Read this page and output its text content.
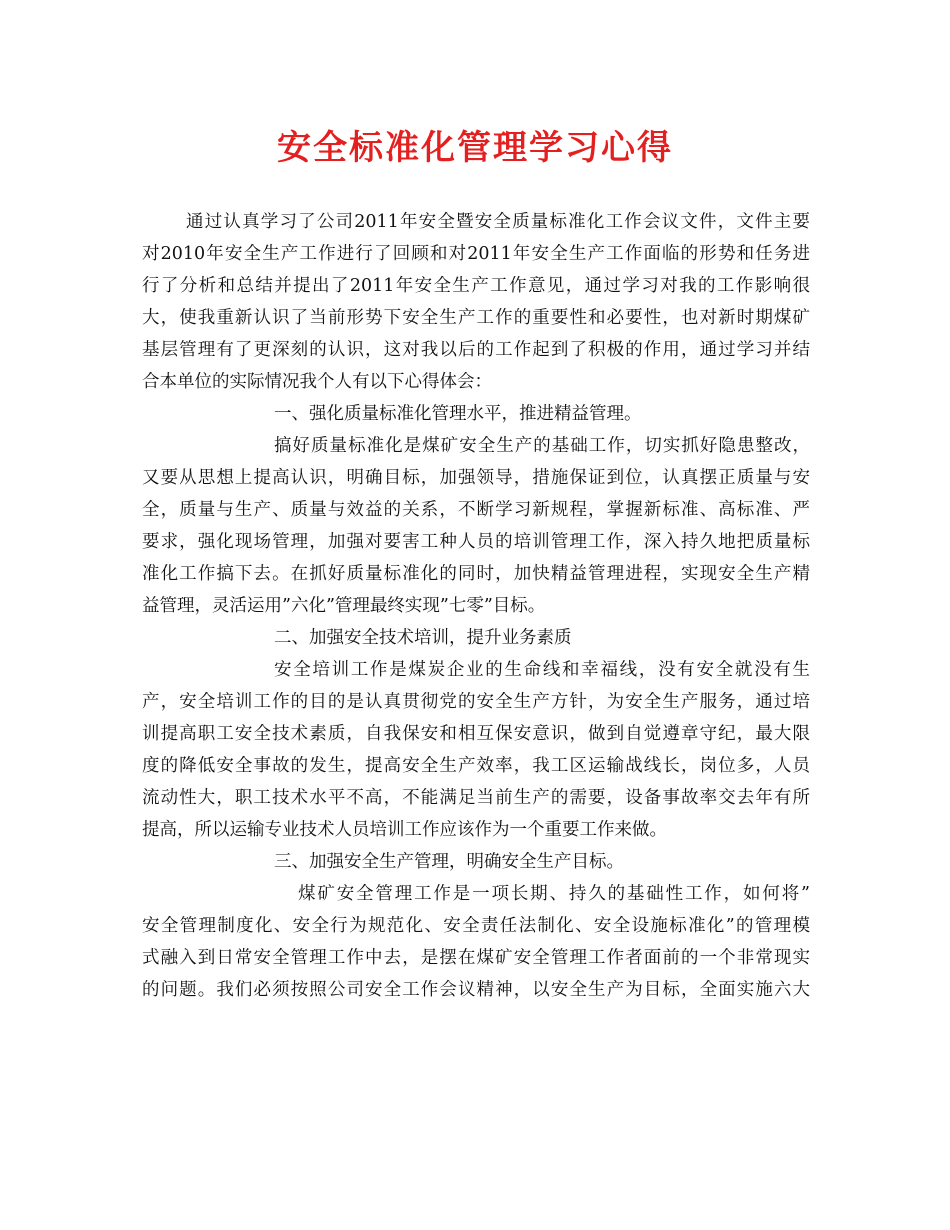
安全标准化管理学习心得
通过认真学习了公司2011年安全暨安全质量标准化工作会议文件，文件主要
对2010年安全生产工作进行了回顾和对2011年安全生产工作面临的形势和任务进
行了分析和总结并提出了2011年安全生产工作意见，通过学习对我的工作影响很
大，使我重新认识了当前形势下安全生产工作的重要性和必要性，也对新时期煤矿
基层管理有了更深刻的认识，这对我以后的工作起到了积极的作用，通过学习并结
合本单位的实际情况我个人有以下心得体会：
一、强化质量标准化管理水平，推进精益管理。
搞好质量标准化是煤矿安全生产的基础工作，切实抓好隐患整改，
又要从思想上提高认识，明确目标，加强领导，措施保证到位，认真摆正质量与安
全，质量与生产、质量与效益的关系，不断学习新规程，掌握新标准、高标准、严
要求，强化现场管理，加强对要害工种人员的培训管理工作，深入持久地把质量标
准化工作搞下去。在抓好质量标准化的同时，加快精益管理进程，实现安全生产精
益管理，灵活运用”六化”管理最终实现”七零”目标。
二、加强安全技术培训，提升业务素质
安全培训工作是煤炭企业的生命线和幸福线，没有安全就没有生
产，安全培训工作的目的是认真贯彻党的安全生产方针，为安全生产服务，通过培
训提高职工安全技术素质，自我保安和相互保安意识，做到自觉遵章守纪，最大限
度的降低安全事故的发生，提高安全生产效率，我工区运输战线长，岗位多，人员
流动性大，职工技术水平不高，不能满足当前生产的需要，设备事故率交去年有所
提高，所以运输专业技术人员培训工作应该作为一个重要工作来做。
三、加强安全生产管理，明确安全生产目标。
煤矿安全管理工作是一项长期、持久的基础性工作，如何将”
安全管理制度化、安全行为规范化、安全责任法制化、安全设施标准化”的管理模
式融入到日常安全管理工作中去，是摆在煤矿安全管理工作者面前的一个非常现实
的问题。我们必须按照公司安全工作会议精神，以安全生产为目标，全面实施六大
